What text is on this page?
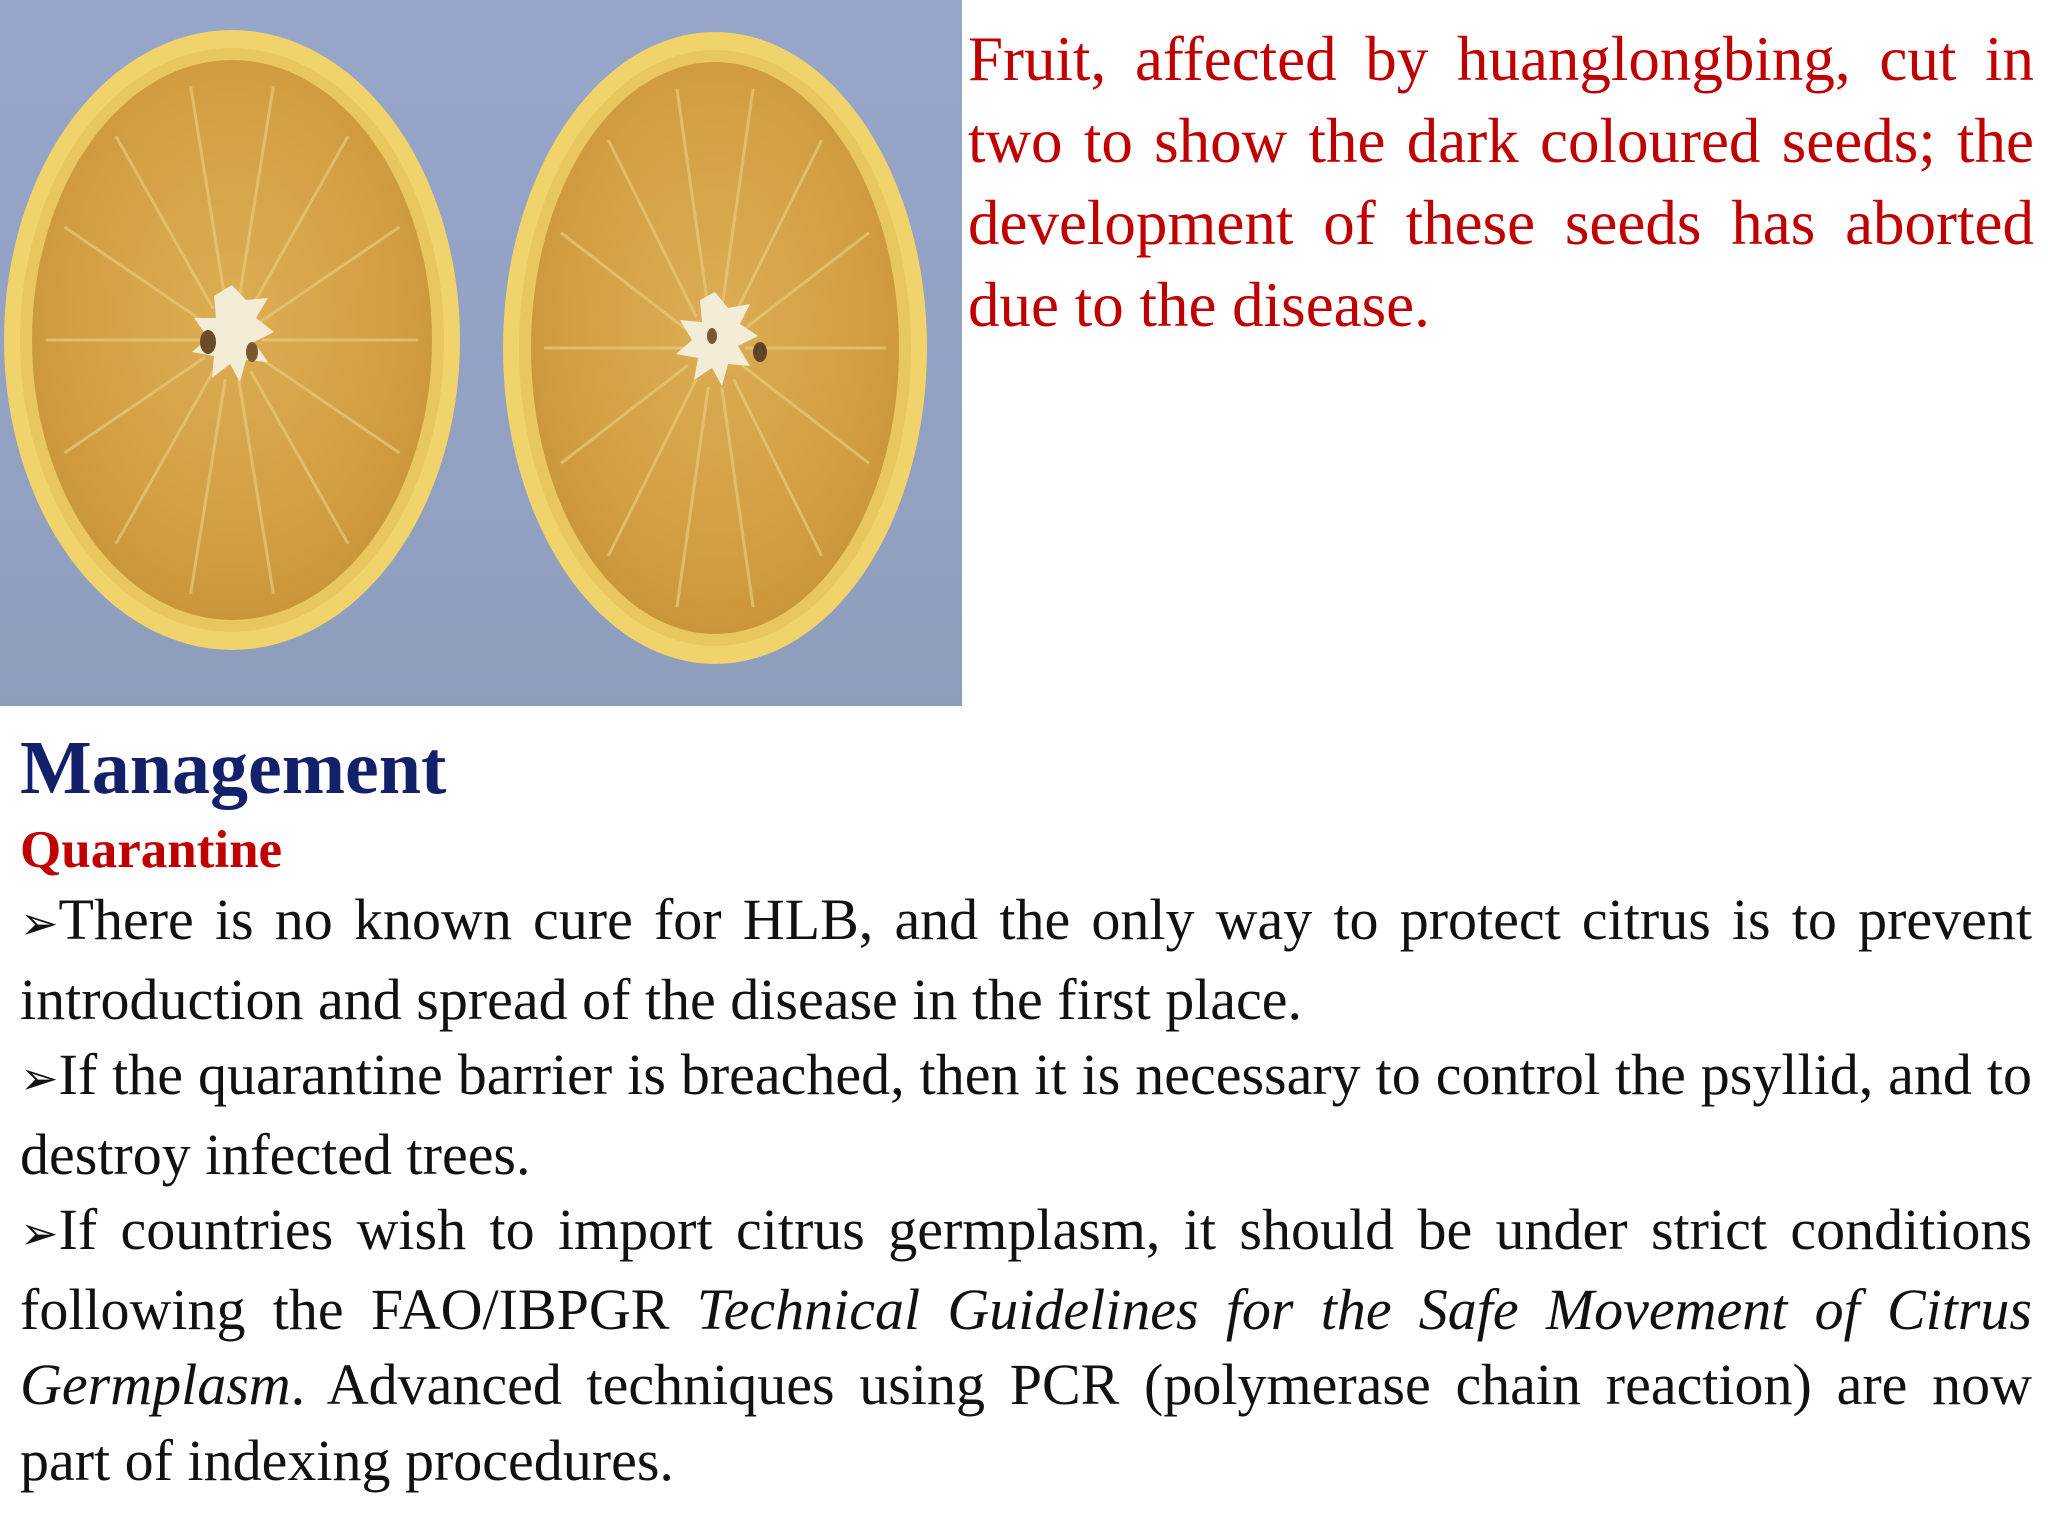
Fruit, affected by huanglongbing, cut in two to show the dark coloured seeds; the development of these seeds has aborted due to the disease.
Management
Quarantine

➢There is no known cure for HLB, and the only way to protect citrus is to prevent introduction and spread of the disease in the first place.

➢If the quarantine barrier is breached, then it is necessary to control the psyllid, and to destroy infected trees.

➢If countries wish to import citrus germplasm, it should be under strict conditions following the FAO/IBPGR Technical Guidelines for the Safe Movement of Citrus Germplasm. Advanced techniques using PCR (polymerase chain reaction) are now part of indexing procedures.
